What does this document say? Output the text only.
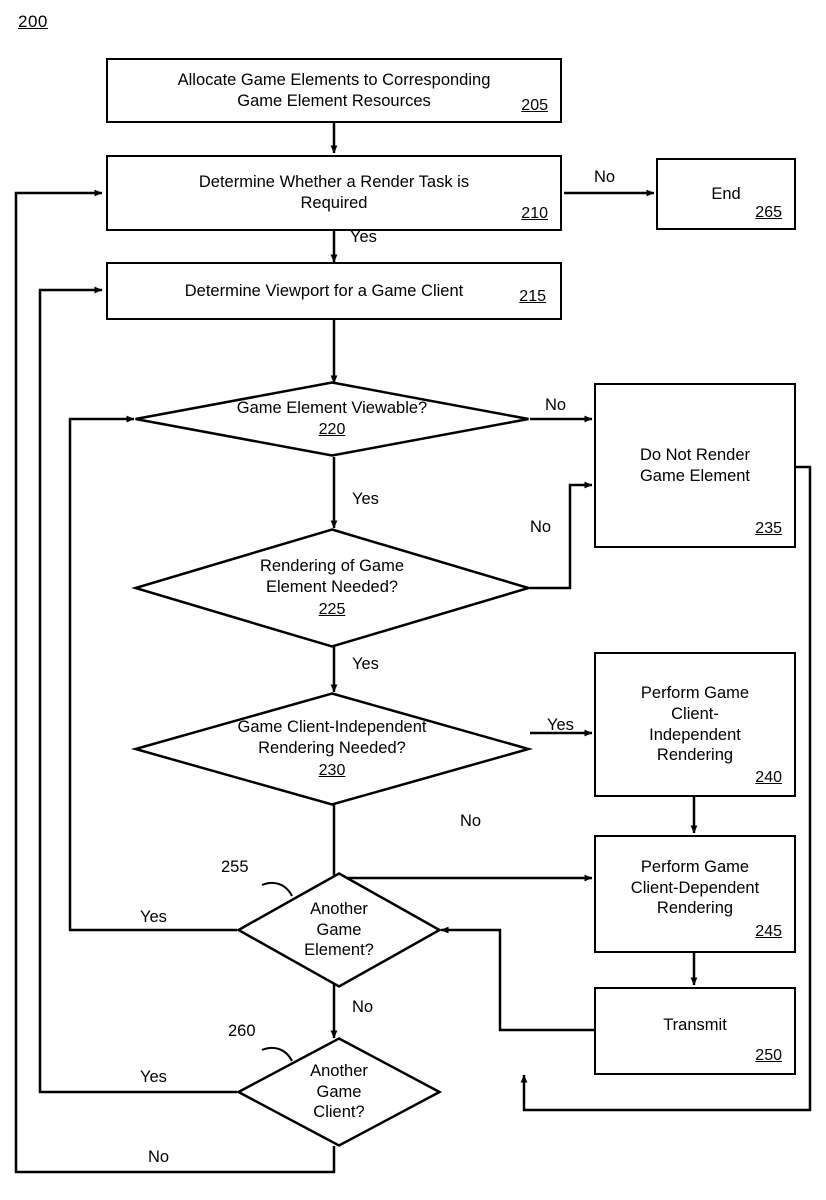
200
Allocate Game Elements to Corresponding
Game Element Resources	205
Determine Whether a Render Task is
Required
210
End
265
Determine Viewport for a Game Client	215
Do Not Render
Game Element
235
Perform Game
Client-
Independent
Rendering
240
Perform Game
Client-Dependent
Rendering
245
Transmit
250
Game Element Viewable?
220
Rendering of Game
Element Needed?
225
Game Client-Independent
Rendering Needed?
230
Another
Game
Element?
Another
Game
Client?
255
260
No
Yes
No
Yes
No
Yes
Yes
No
Yes
No
Yes
No
